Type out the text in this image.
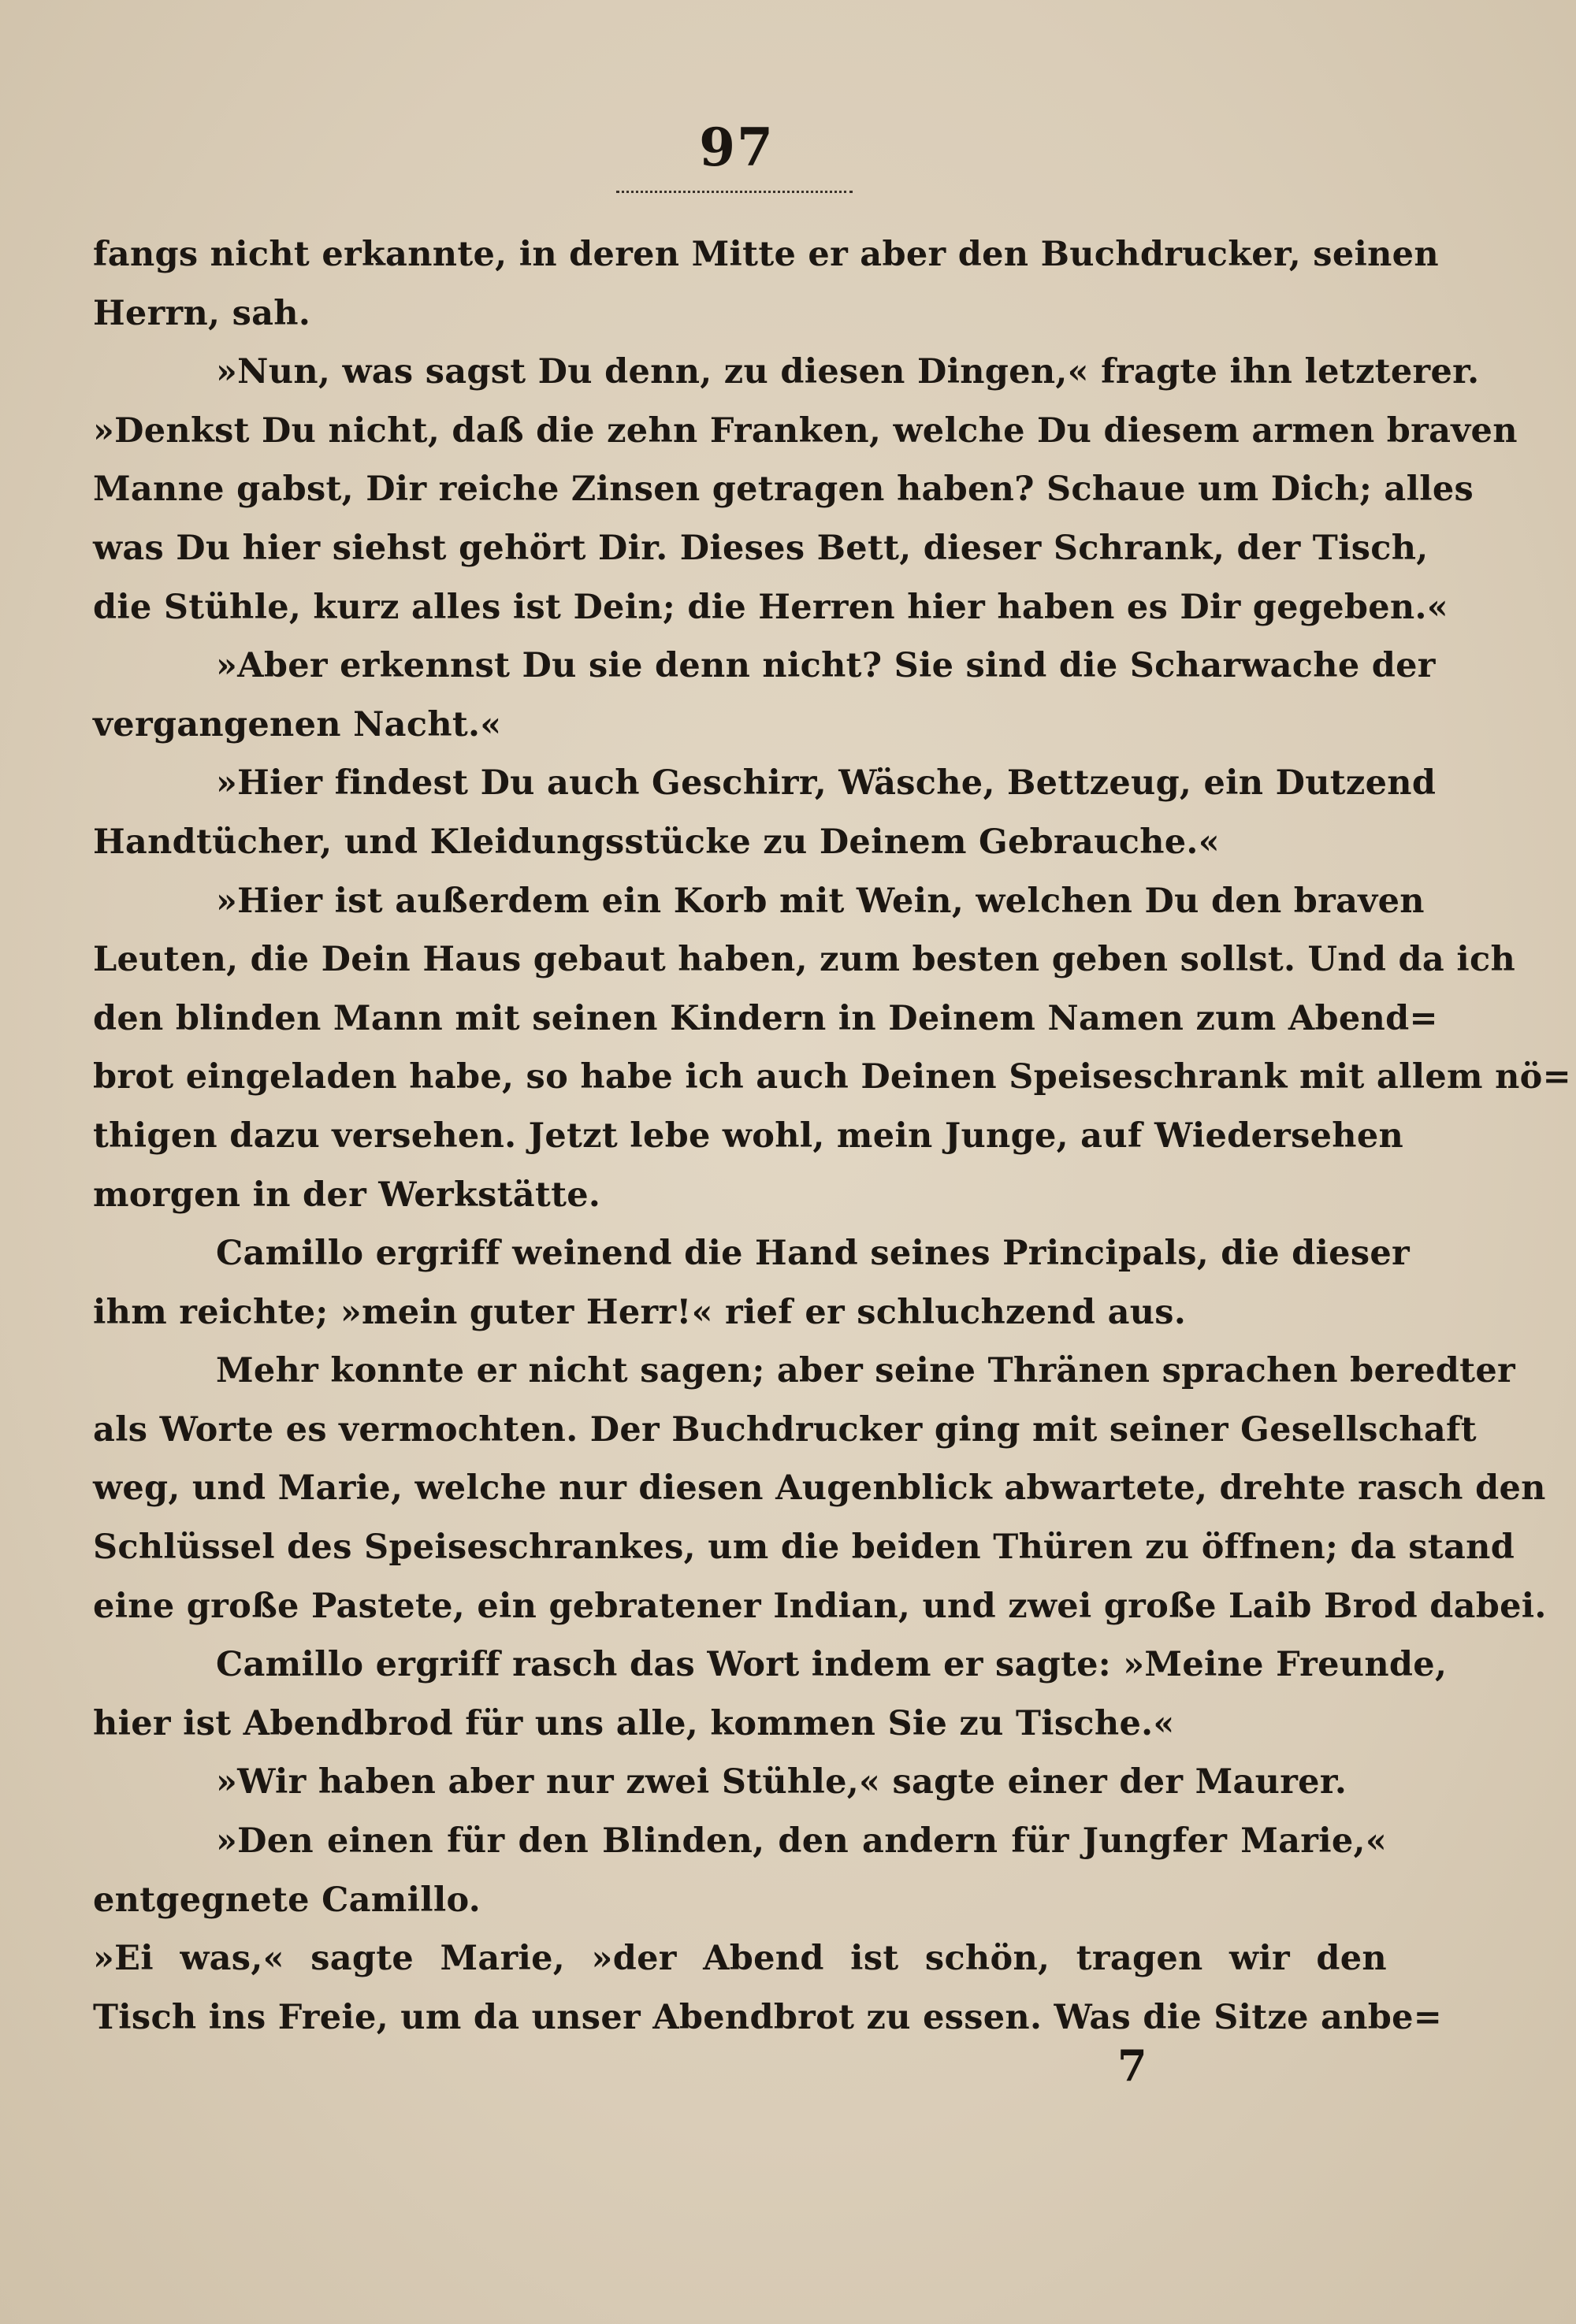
97
fangs nicht erkannte, in deren Mitte er aber den Buchdrucker, seinen
Herrn, sah.
»Nun, was sagst Du denn, zu diesen Dingen,« fragte ihn letzterer.
»Denkst Du nicht, daß die zehn Franken, welche Du diesem armen braven
Manne gabst, Dir reiche Zinsen getragen haben? Schaue um Dich; alles
was Du hier siehst gehört Dir. Dieses Bett, dieser Schrank, der Tisch,
die Stühle, kurz alles ist Dein; die Herren hier haben es Dir gegeben.«
»Aber erkennst Du sie denn nicht? Sie sind die Scharwache der
vergangenen Nacht.«
»Hier findest Du auch Geschirr, Wäsche, Bettzeug, ein Dutzend
Handtücher, und Kleidungsstücke zu Deinem Gebrauche.«
»Hier ist außerdem ein Korb mit Wein, welchen Du den braven
Leuten, die Dein Haus gebaut haben, zum besten geben sollst. Und da ich
den blinden Mann mit seinen Kindern in Deinem Namen zum Abend=
brot eingeladen habe, so habe ich auch Deinen Speiseschrank mit allem nö=
thigen dazu versehen. Jetzt lebe wohl, mein Junge, auf Wiedersehen
morgen in der Werkstätte.
Camillo ergriff weinend die Hand seines Principals, die dieser
ihm reichte; »mein guter Herr!« rief er schluchzend aus.
Mehr konnte er nicht sagen; aber seine Thränen sprachen beredter
als Worte es vermochten. Der Buchdrucker ging mit seiner Gesellschaft
weg, und Marie, welche nur diesen Augenblick abwartete, drehte rasch den
Schlüssel des Speiseschrankes, um die beiden Thüren zu öffnen; da stand
eine große Pastete, ein gebratener Indian, und zwei große Laib Brod dabei.
Camillo ergriff rasch das Wort indem er sagte: »Meine Freunde,
hier ist Abendbrod für uns alle, kommen Sie zu Tische.«
»Wir haben aber nur zwei Stühle,« sagte einer der Maurer.
»Den einen für den Blinden, den andern für Jungfer Marie,«
entgegnete Camillo.
»Ei was,« sagte Marie, »der Abend ist schön, tragen wir den
Tisch ins Freie, um da unser Abendbrot zu essen. Was die Sitze anbe=
7
